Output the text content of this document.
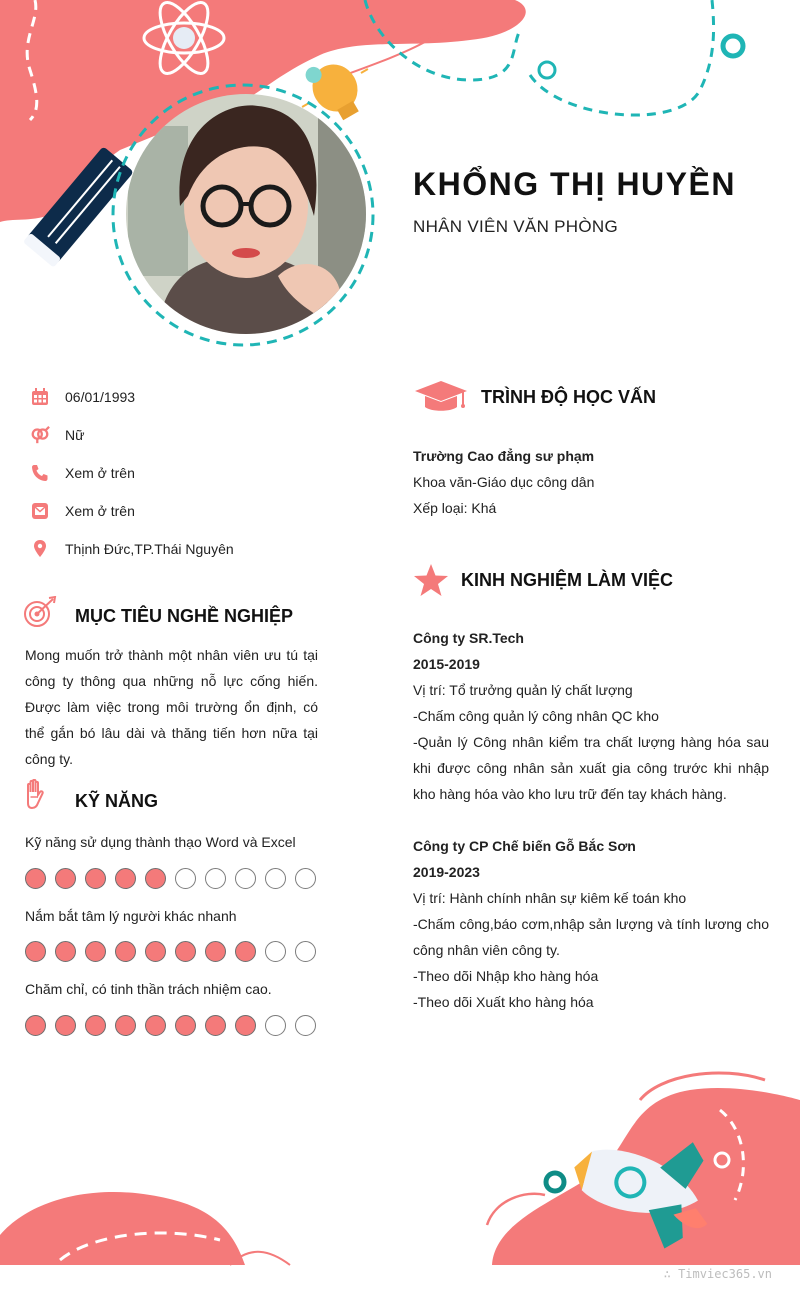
KHỔNG THỊ HUYỀN
NHÂN VIÊN VĂN PHÒNG
06/01/1993
Nữ
Xem ở trên
Xem ở trên
Thịnh Đức,TP.Thái Nguyên
MỤC TIÊU NGHỀ NGHIỆP
Mong muốn trở thành một nhân viên ưu tú tại công ty thông qua những nỗ lực cống hiến. Được làm việc trong môi trường ổn định, có thể gắn bó lâu dài và thăng tiến hơn nữa tại công ty.
KỸ NĂNG
Kỹ năng sử dụng thành thạo Word và Excel
Nắm bắt tâm lý người khác nhanh
Chăm chỉ, có tinh thần trách nhiệm cao.
TRÌNH ĐỘ HỌC VẤN
Trường Cao đẳng sư phạm
Khoa văn-Giáo dục công dân
Xếp loại: Khá
KINH NGHIỆM LÀM VIỆC
Công ty SR.Tech
2015-2019
Vị trí: Tổ trưởng quản lý chất lượng
-Chấm công quản lý công nhân QC kho
-Quản lý Công nhân kiểm tra chất lượng hàng hóa sau khi được công nhân sản xuất gia công trước khi nhập kho hàng hóa vào kho lưu trữ đến tay khách hàng.
Công ty CP Chế biến Gỗ Bắc Sơn
2019-2023
Vị trí: Hành chính nhân sự kiêm kế toán kho
-Chấm công,báo cơm,nhập sản lượng và tính lương cho công nhân viên công ty.
-Theo dõi Nhập kho hàng hóa
-Theo dõi Xuất kho hàng hóa
∴ Timviec365.vn
